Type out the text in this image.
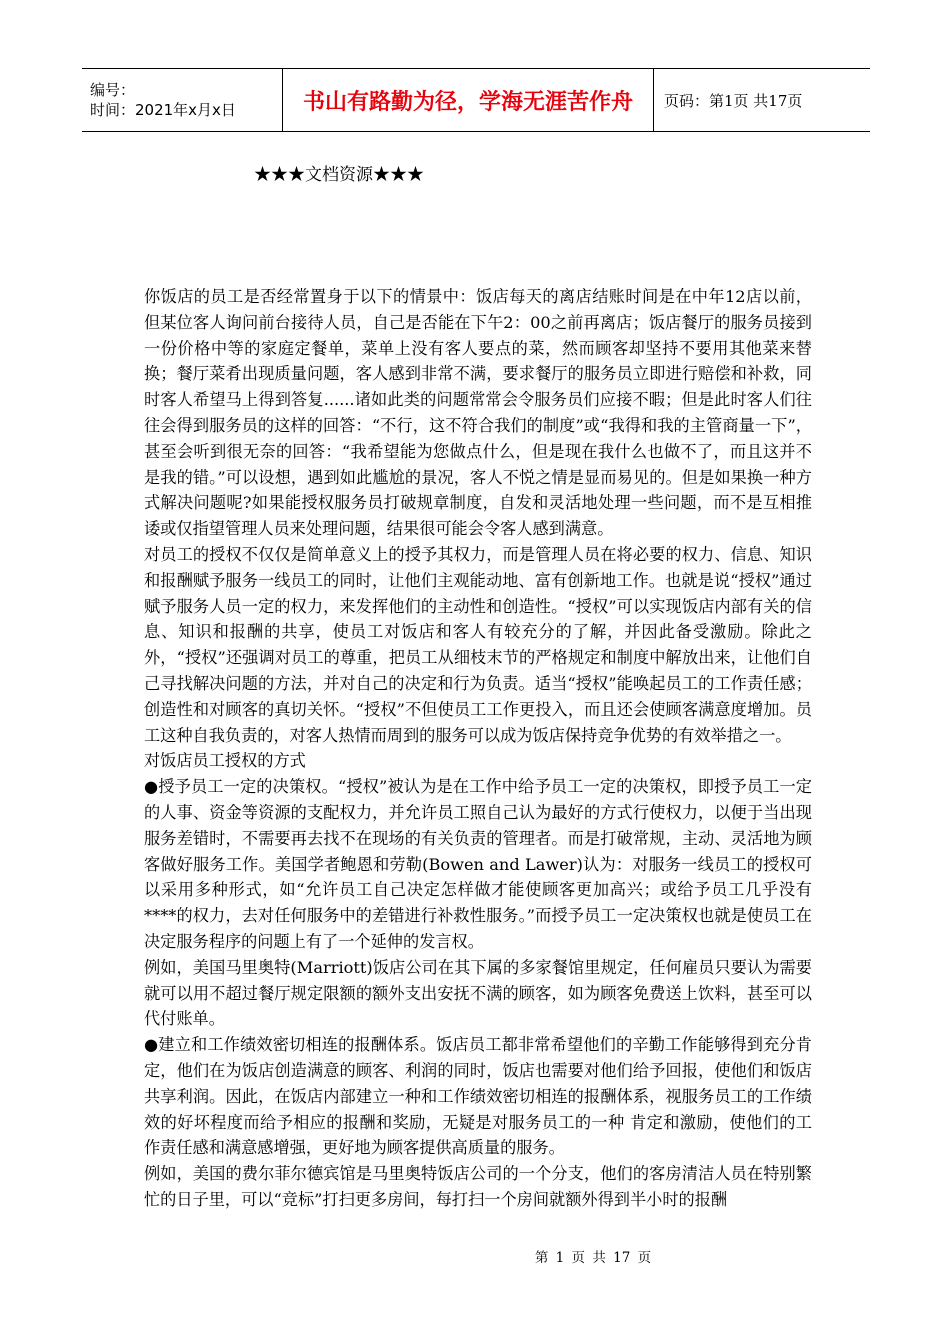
编号：
时间：2021年x月x日	书山有路勤为径，学海无涯苦作舟	页码：第1页 共17页
★★★文档资源★★★

你饭店的员工是否经常置身于以下的情景中：饭店每天的离店结账时间是在中年12店以前，但某位客人询问前台接待人员，自己是否能在下午2：00之前再离店；饭店餐厅的服务员接到一份价格中等的家庭定餐单，菜单上没有客人要点的菜，然而顾客却坚持不要用其他菜来替换；餐厅菜肴出现质量问题，客人感到非常不满，要求餐厅的服务员立即进行赔偿和补救，同时客人希望马上得到答复......诸如此类的问题常常会令服务员们应接不暇；但是此时客人们往往会得到服务员的这样的回答：“不行，这不符合我们的制度”或“我得和我的主管商量一下”，甚至会听到很无奈的回答：“我希望能为您做点什么，但是现在我什么也做不了，而且这并不是我的错。”可以设想，遇到如此尴尬的景况，客人不悦之情是显而易见的。但是如果换一种方式解决问题呢?如果能授权服务员打破规章制度，自发和灵活地处理一些问题，而不是互相推诿或仅指望管理人员来处理问题，结果很可能会令客人感到满意。

对员工的授权不仅仅是简单意义上的授予其权力，而是管理人员在将必要的权力、信息、知识和报酬赋予服务一线员工的同时，让他们主观能动地、富有创新地工作。也就是说“授权”通过赋予服务人员一定的权力，来发挥他们的主动性和创造性。“授权”可以实现饭店内部有关的信息、知识和报酬的共享，使员工对饭店和客人有较充分的了解，并因此备受激励。除此之外，“授权”还强调对员工的尊重，把员工从细枝末节的严格规定和制度中解放出来，让他们自己寻找解决问题的方法，并对自己的决定和行为负责。适当“授权”能唤起员工的工作责任感；创造性和对顾客的真切关怀。“授权”不但使员工工作更投入，而且还会使顾客满意度增加。员工这种自我负责的，对客人热情而周到的服务可以成为饭店保持竞争优势的有效举措之一。

对饭店员工授权的方式

●授予员工一定的决策权。“授权”被认为是在工作中给予员工一定的决策权，即授予员工一定的人事、资金等资源的支配权力，并允许员工照自己认为最好的方式行使权力，以便于当出现服务差错时，不需要再去找不在现场的有关负责的管理者。而是打破常规，主动、灵活地为顾客做好服务工作。美国学者鲍恩和劳勒(Bowen and Lawer)认为：对服务一线员工的授权可以采用多种形式，如“允许员工自己决定怎样做才能使顾客更加高兴；或给予员工几乎没有****的权力，去对任何服务中的差错进行补救性服务。”而授予员工一定决策权也就是使员工在决定服务程序的问题上有了一个延伸的发言权。

例如，美国马里奥特(Marriott)饭店公司在其下属的多家餐馆里规定，任何雇员只要认为需要就可以用不超过餐厅规定限额的额外支出安抚不满的顾客，如为顾客免费送上饮料，甚至可以代付账单。

●建立和工作绩效密切相连的报酬体系。饭店员工都非常希望他们的辛勤工作能够得到充分肯定，他们在为饭店创造满意的顾客、利润的同时，饭店也需要对他们给予回报，使他们和饭店共享利润。因此，在饭店内部建立一种和工作绩效密切相连的报酬体系，视服务员工的工作绩效的好坏程度而给予相应的报酬和奖励，无疑是对服务员工的一种 肯定和激励，使他们的工作责任感和满意感增强，更好地为顾客提供高质量的服务。

例如，美国的费尔菲尔德宾馆是马里奥特饭店公司的一个分支，他们的客房清洁人员在特别繁忙的日子里，可以“竞标”打扫更多房间，每打扫一个房间就额外得到半小时的报酬

第 1 页 共 17 页
